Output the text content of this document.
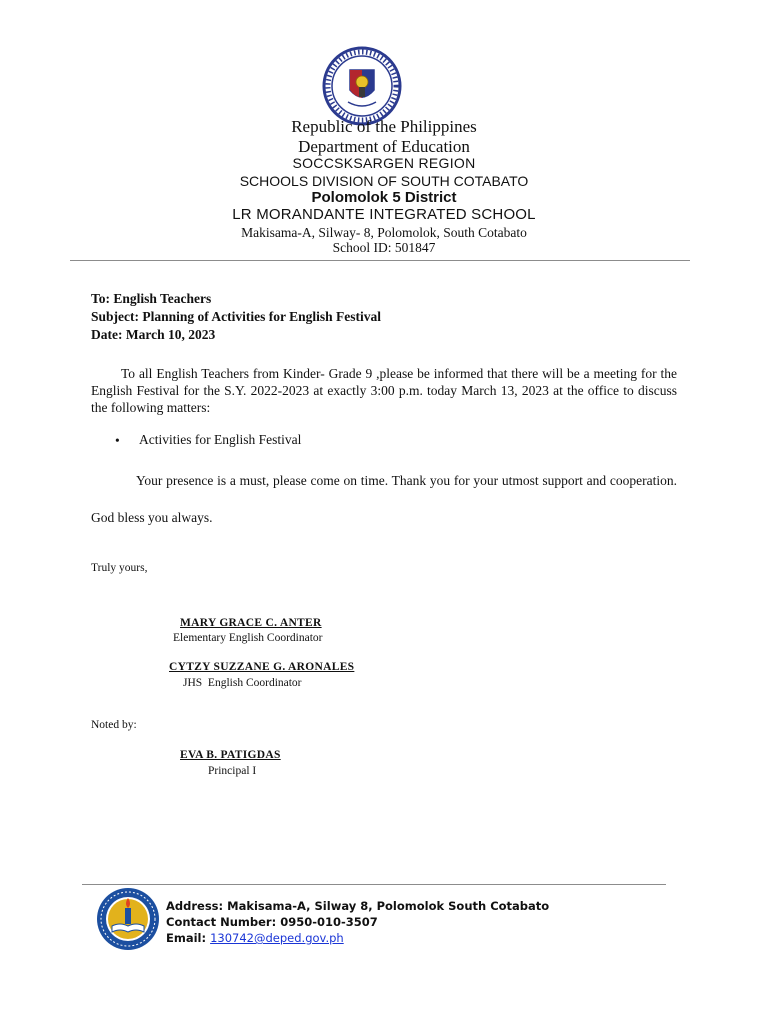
Republic of the Philippines
Department of Education
SOCCSKSARGEN REGION
SCHOOLS DIVISION OF SOUTH COTABATO
Polomolok 5 District
LR MORANDANTE INTEGRATED SCHOOL
Makisama-A, Silway- 8, Polomolok, South Cotabato
School ID: 501847
To: English Teachers
Subject: Planning of Activities for English Festival
Date: March 10, 2023
To all English Teachers from Kinder- Grade 9 ,please be informed that there will be a meeting for the English Festival for the S.Y. 2022-2023 at exactly 3:00 p.m. today March 13, 2023 at the office to discuss the following matters:
• Activities for English Festival
Your presence is a must, please come on time. Thank you for your utmost support and cooperation. God bless you always.
Truly yours,
MARY GRACE C. ANTER
Elementary English Coordinator
CYTZY SUZZANE G. ARONALES
JHS  English Coordinator
Noted by:
EVA B. PATIGDAS
Principal I
Address: Makisama-A, Silway 8, Polomolok South Cotabato
Contact Number: 0950-010-3507
Email: 130742@deped.gov.ph
